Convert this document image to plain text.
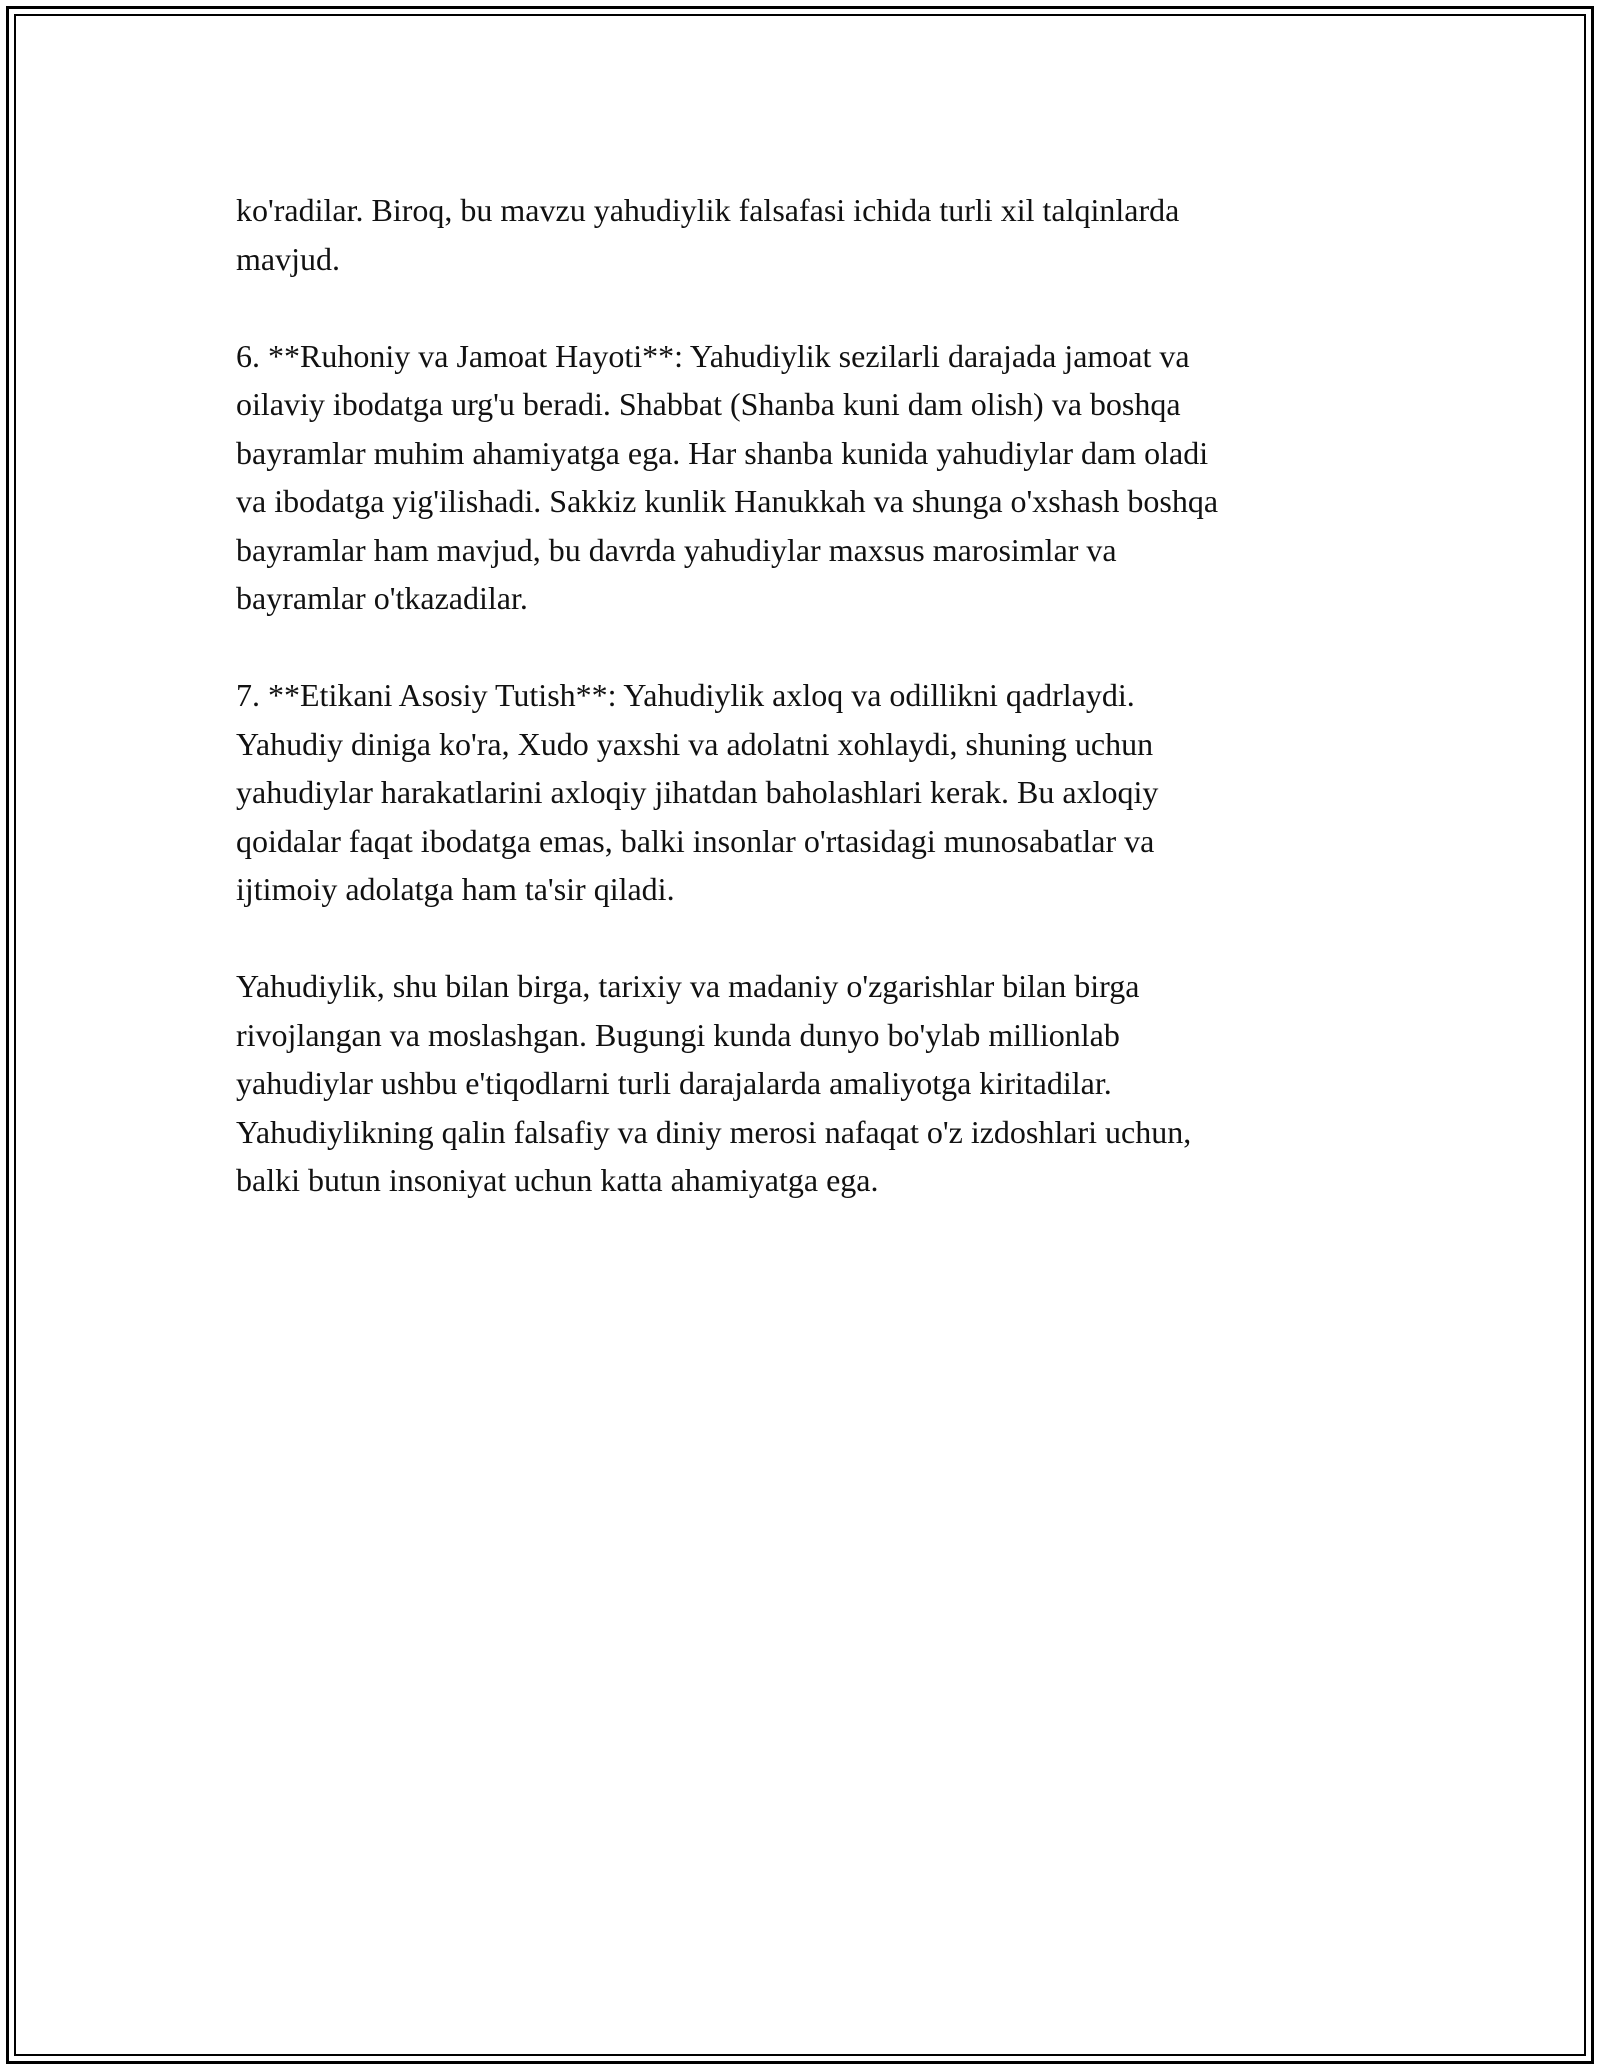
ko'radilar. Biroq, bu mavzu yahudiylik falsafasi ichida turli xil talqinlarda
mavjud.

6. **Ruhoniy va Jamoat Hayoti**: Yahudiylik sezilarli darajada jamoat va
oilaviy ibodatga urg'u beradi. Shabbat (Shanba kuni dam olish) va boshqa
bayramlar muhim ahamiyatga ega. Har shanba kunida yahudiylar dam oladi
va ibodatga yig'ilishadi. Sakkiz kunlik Hanukkah va shunga o'xshash boshqa
bayramlar ham mavjud, bu davrda yahudiylar maxsus marosimlar va
bayramlar o'tkazadilar.

7. **Etikani Asosiy Tutish**: Yahudiylik axloq va odillikni qadrlaydi.
Yahudiy diniga ko'ra, Xudo yaxshi va adolatni xohlaydi, shuning uchun
yahudiylar harakatlarini axloqiy jihatdan baholashlari kerak. Bu axloqiy
qoidalar faqat ibodatga emas, balki insonlar o'rtasidagi munosabatlar va
ijtimoiy adolatga ham ta'sir qiladi.

Yahudiylik, shu bilan birga, tarixiy va madaniy o'zgarishlar bilan birga
rivojlangan va moslashgan. Bugungi kunda dunyo bo'ylab millionlab
yahudiylar ushbu e'tiqodlarni turli darajalarda amaliyotga kiritadilar.
Yahudiylikning qalin falsafiy va diniy merosi nafaqat o'z izdoshlari uchun,
balki butun insoniyat uchun katta ahamiyatga ega.
